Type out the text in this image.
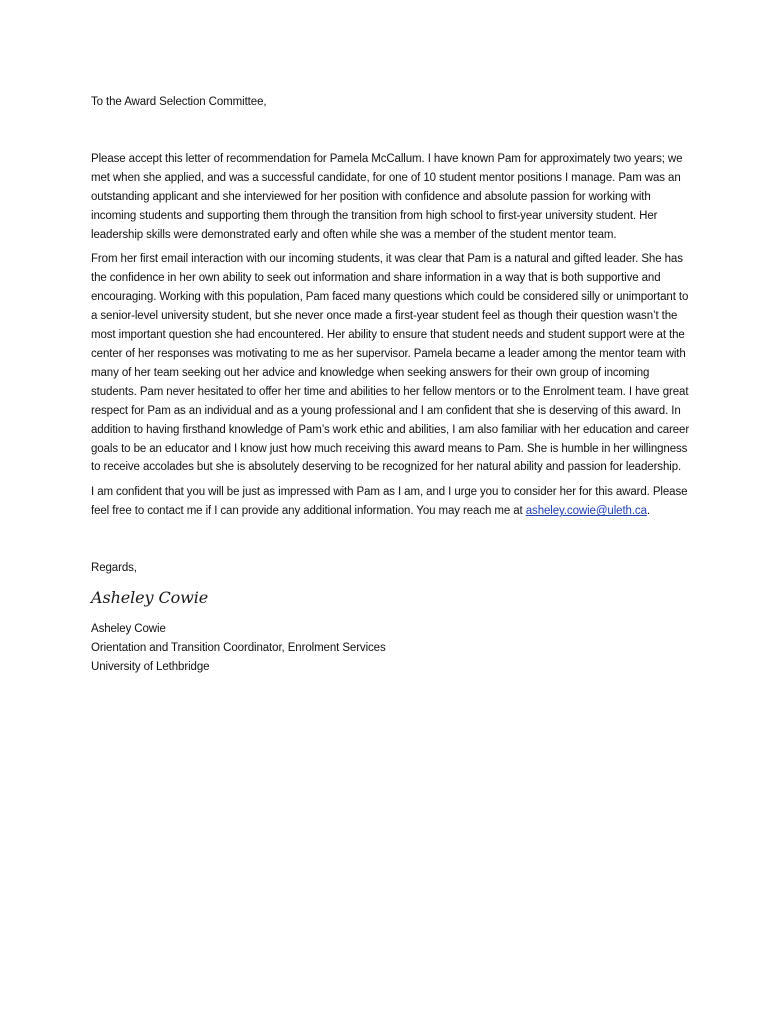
To the Award Selection Committee,

Please accept this letter of recommendation for Pamela McCallum. I have known Pam for approximately two years; we met when she applied, and was a successful candidate, for one of 10 student mentor positions I manage. Pam was an outstanding applicant and she interviewed for her position with confidence and absolute passion for working with incoming students and supporting them through the transition from high school to first-year university student. Her leadership skills were demonstrated early and often while she was a member of the student mentor team.

From her first email interaction with our incoming students, it was clear that Pam is a natural and gifted leader. She has the confidence in her own ability to seek out information and share information in a way that is both supportive and encouraging. Working with this population, Pam faced many questions which could be considered silly or unimportant to a senior-level university student, but she never once made a first-year student feel as though their question wasn’t the most important question she had encountered. Her ability to ensure that student needs and student support were at the center of her responses was motivating to me as her supervisor. Pamela became a leader among the mentor team with many of her team seeking out her advice and knowledge when seeking answers for their own group of incoming students. Pam never hesitated to offer her time and abilities to her fellow mentors or to the Enrolment team. I have great respect for Pam as an individual and as a young professional and I am confident that she is deserving of this award. In addition to having firsthand knowledge of Pam’s work ethic and abilities, I am also familiar with her education and career goals to be an educator and I know just how much receiving this award means to Pam. She is humble in her willingness to receive accolades but she is absolutely deserving to be recognized for her natural ability and passion for leadership.

I am confident that you will be just as impressed with Pam as I am, and I urge you to consider her for this award. Please feel free to contact me if I can provide any additional information. You may reach me at asheley.cowie@uleth.ca.

Regards,

Asheley Cowie
Asheley Cowie
Orientation and Transition Coordinator, Enrolment Services
University of Lethbridge
